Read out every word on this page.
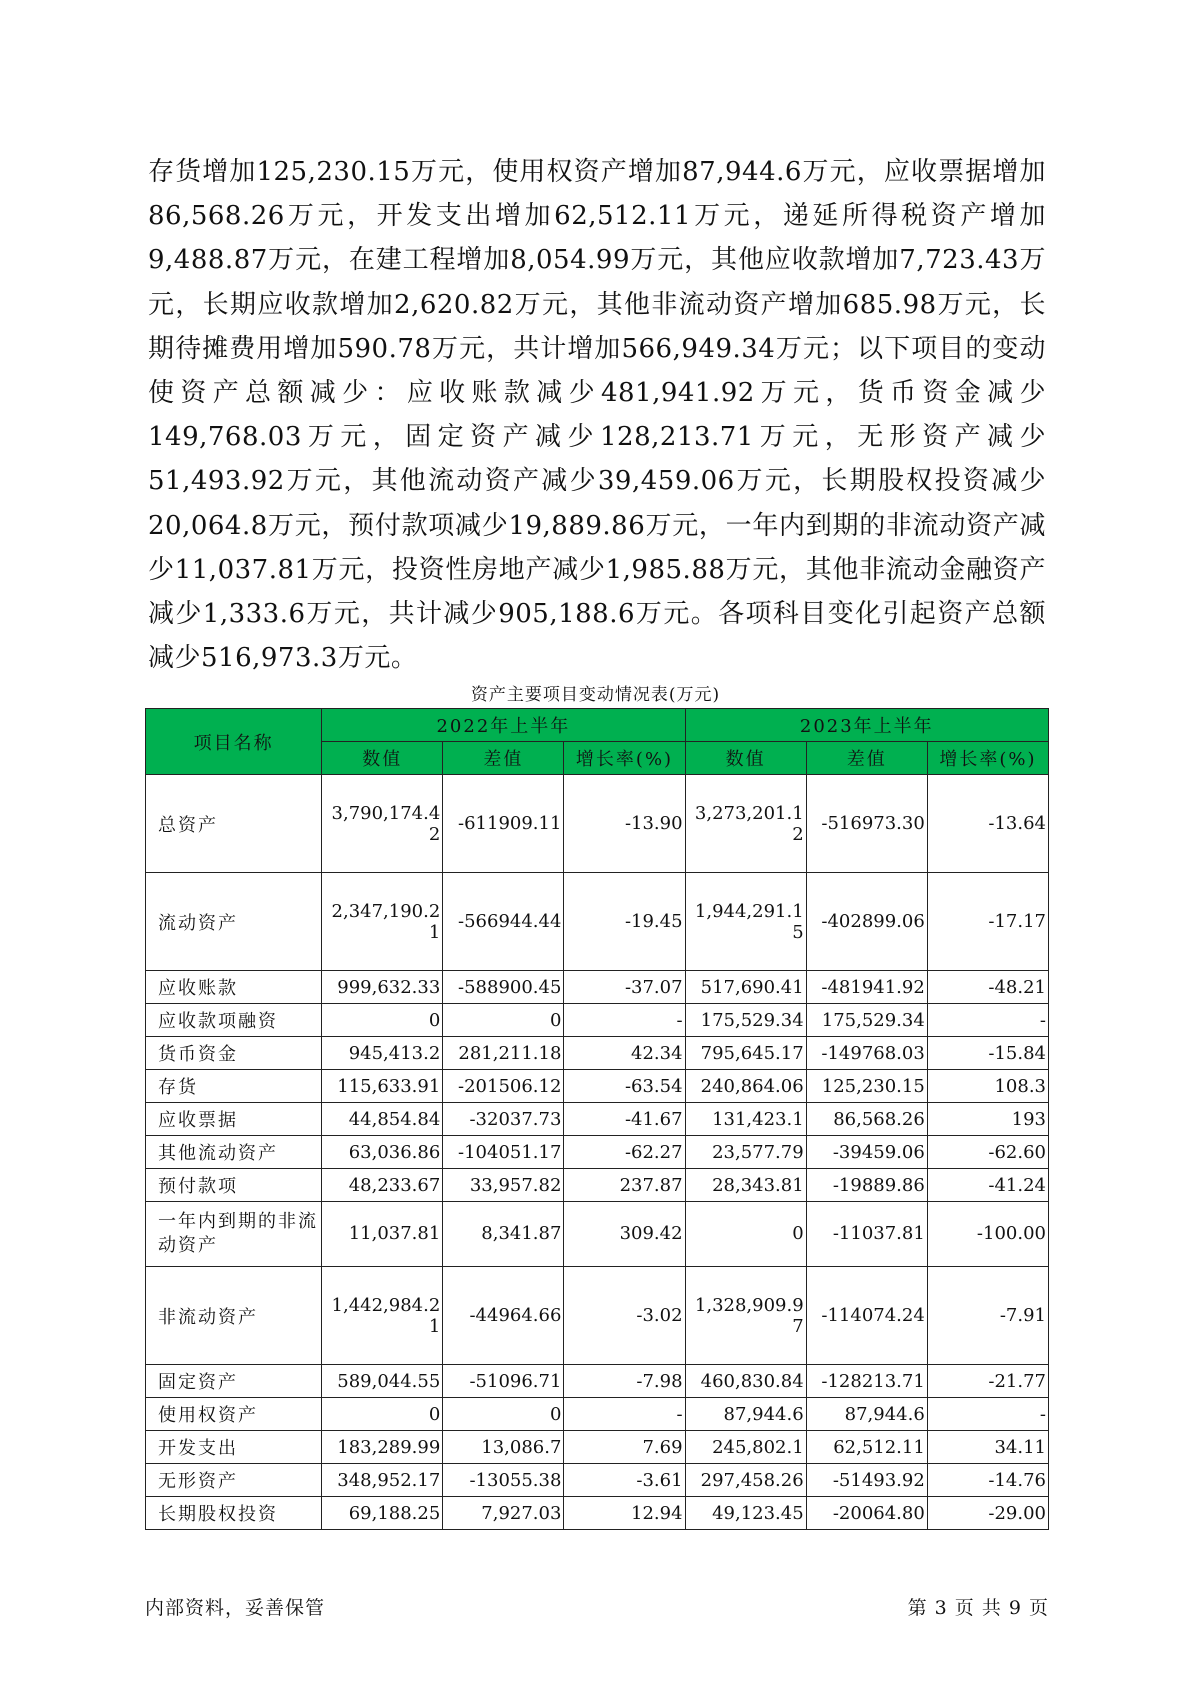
存货增加125,230.15万元，使用权资产增加87,944.6万元，应收票据增加86,568.26万元，开发支出增加62,512.11万元，递延所得税资产增加9,488.87万元，在建工程增加8,054.99万元，其他应收款增加7,723.43万元，长期应收款增加2,620.82万元，其他非流动资产增加685.98万元，长期待摊费用增加590.78万元，共计增加566,949.34万元；以下项目的变动使资产总额减少：应收账款减少481,941.92万元，货币资金减少149,768.03万元，固定资产减少128,213.71万元，无形资产减少51,493.92万元，其他流动资产减少39,459.06万元，长期股权投资减少20,064.8万元，预付款项减少19,889.86万元，一年内到期的非流动资产减少11,037.81万元，投资性房地产减少1,985.88万元，其他非流动金融资产减少1,333.6万元，共计减少905,188.6万元。各项科目变化引起资产总额减少516,973.3万元。

资产主要项目变动情况表(万元)
项目名称	2022年上半年			2023年上半年		
	数值	差值	增长率(%)	数值	差值	增长率(%)
总资产	3,790,174.42	-611909.11	-13.90	3,273,201.12	-516973.30	-13.64
流动资产	2,347,190.21	-566944.44	-19.45	1,944,291.15	-402899.06	-17.17
应收账款	999,632.33	-588900.45	-37.07	517,690.41	-481941.92	-48.21
应收款项融资	0	0	-	175,529.34	175,529.34	-
货币资金	945,413.2	281,211.18	42.34	795,645.17	-149768.03	-15.84
存货	115,633.91	-201506.12	-63.54	240,864.06	125,230.15	108.3
应收票据	44,854.84	-32037.73	-41.67	131,423.1	86,568.26	193
其他流动资产	63,036.86	-104051.17	-62.27	23,577.79	-39459.06	-62.60
预付款项	48,233.67	33,957.82	237.87	28,343.81	-19889.86	-41.24
一年内到期的非流动资产	11,037.81	8,341.87	309.42	0	-11037.81	-100.00
非流动资产	1,442,984.21	-44964.66	-3.02	1,328,909.97	-114074.24	-7.91
固定资产	589,044.55	-51096.71	-7.98	460,830.84	-128213.71	-21.77
使用权资产	0	0	-	87,944.6	87,944.6	-
开发支出	183,289.99	13,086.7	7.69	245,802.1	62,512.11	34.11
无形资产	348,952.17	-13055.38	-3.61	297,458.26	-51493.92	-14.76
长期股权投资	69,188.25	7,927.03	12.94	49,123.45	-20064.80	-29.00
内部资料，妥善保管	第 3 页 共 9 页
